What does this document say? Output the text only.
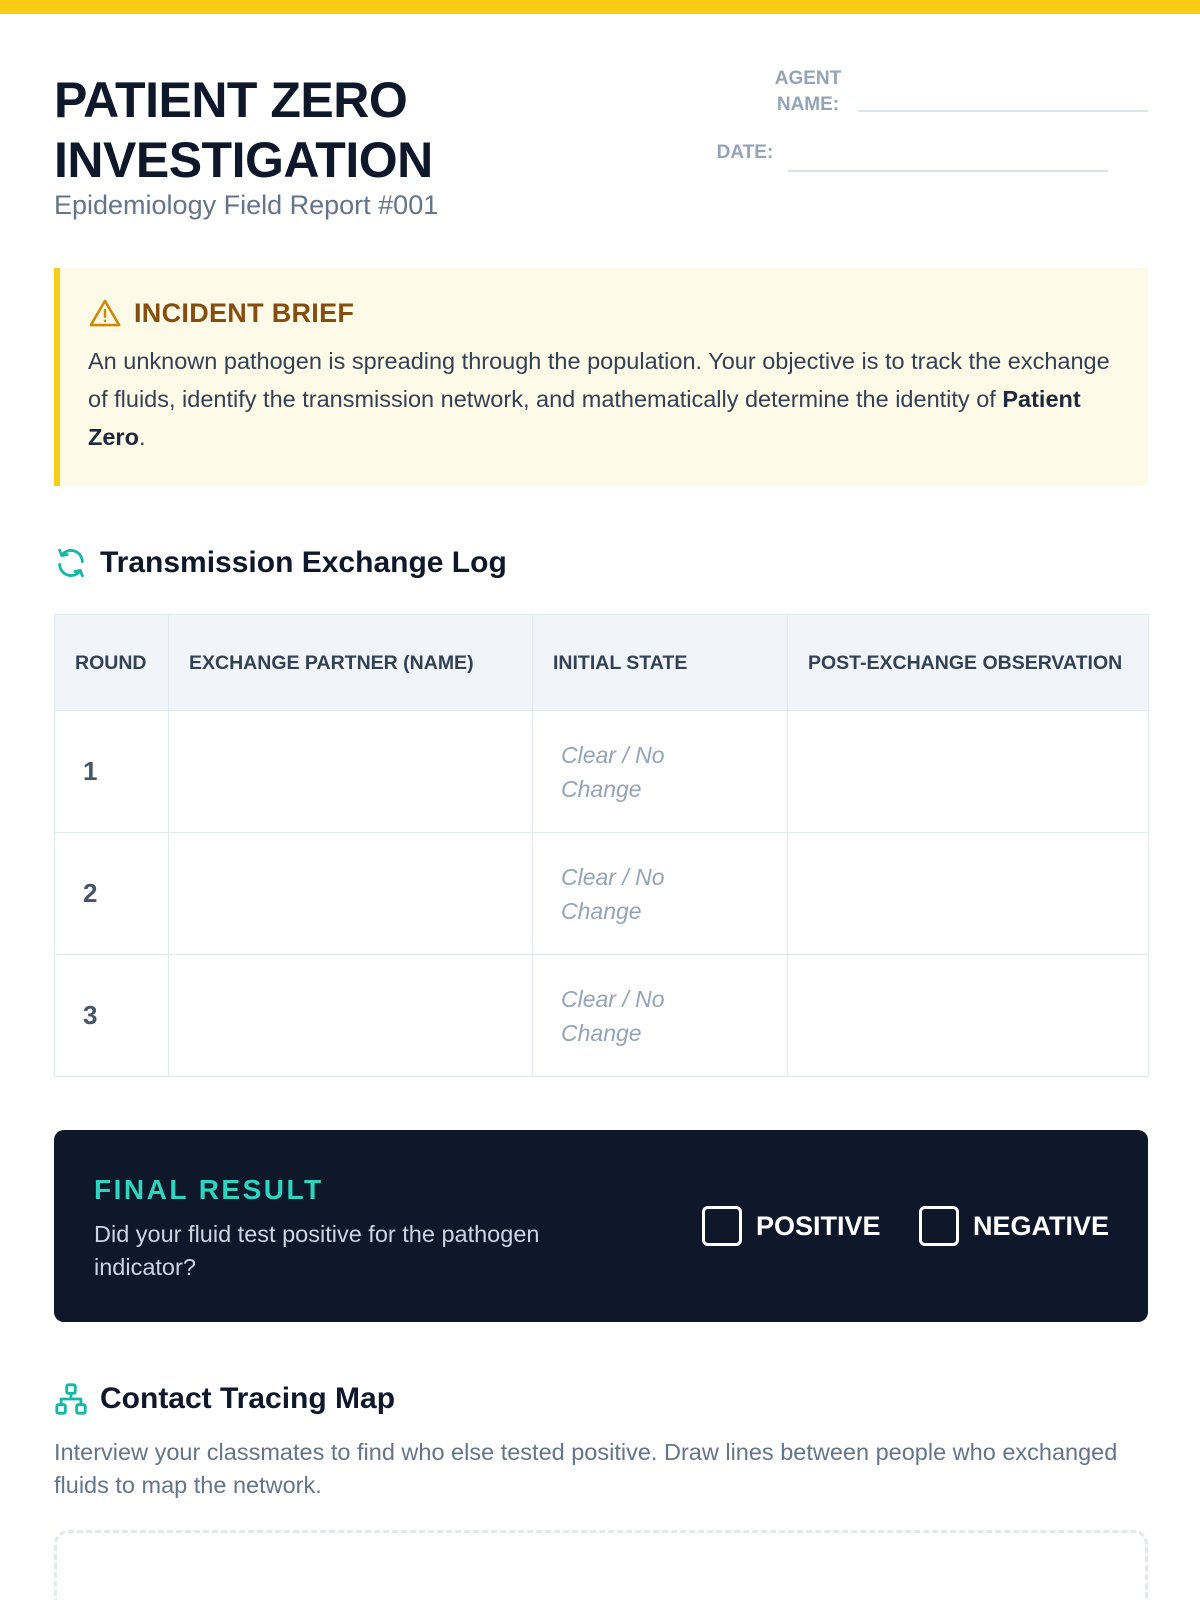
PATIENT ZERO INVESTIGATION
Epidemiology Field Report #001
AGENT NAME:
DATE:
INCIDENT BRIEF

An unknown pathogen is spreading through the population. Your objective is to track the exchange of fluids, identify the transmission network, and mathematically determine the identity of Patient Zero.

Transmission Exchange Log
ROUND	EXCHANGE PARTNER (NAME)	INITIAL STATE	POST-EXCHANGE OBSERVATION
1		Clear / No Change	
2		Clear / No Change	
3		Clear / No Change	
FINAL RESULT
Did your fluid test positive for the pathogen indicator?
POSITIVE	NEGATIVE
Contact Tracing Map

Interview your classmates to find who else tested positive. Draw lines between people who exchanged fluids to map the network.
